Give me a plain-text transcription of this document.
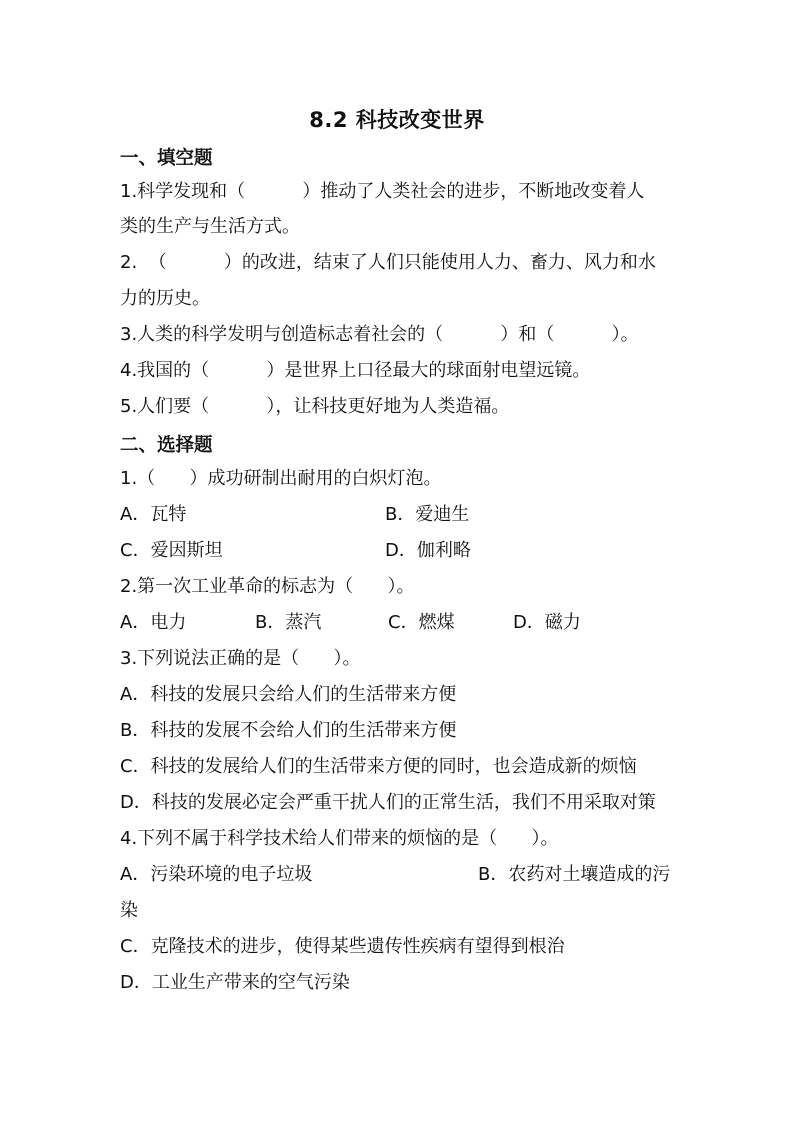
8.2 科技改变世界
一、填空题
1.科学发现和（          ）推动了人类社会的进步，不断地改变着人
类的生产与生活方式。
2.  （          ）的改进，结束了人们只能使用人力、畜力、风力和水
力的历史。
3.人类的科学发明与创造标志着社会的（          ）和（          ）。
4.我国的（          ）是世界上口径最大的球面射电望远镜。
5.人们要（          ），让科技更好地为人类造福。
二、选择题
1.（      ）成功研制出耐用的白炽灯泡。
A．瓦特	B．爱迪生
C．爱因斯坦	D．伽利略
2.第一次工业革命的标志为（      ）。
A．电力	B．蒸汽	C．燃煤	D．磁力
3.下列说法正确的是（      ）。
A．科技的发展只会给人们的生活带来方便
B．科技的发展不会给人们的生活带来方便
C．科技的发展给人们的生活带来方便的同时，也会造成新的烦恼
D．科技的发展必定会严重干扰人们的正常生活，我们不用采取对策
4.下列不属于科学技术给人们带来的烦恼的是（      ）。
A．污染环境的电子垃圾	B．农药对土壤造成的污
染
C．克隆技术的进步，使得某些遗传性疾病有望得到根治
D．工业生产带来的空气污染
